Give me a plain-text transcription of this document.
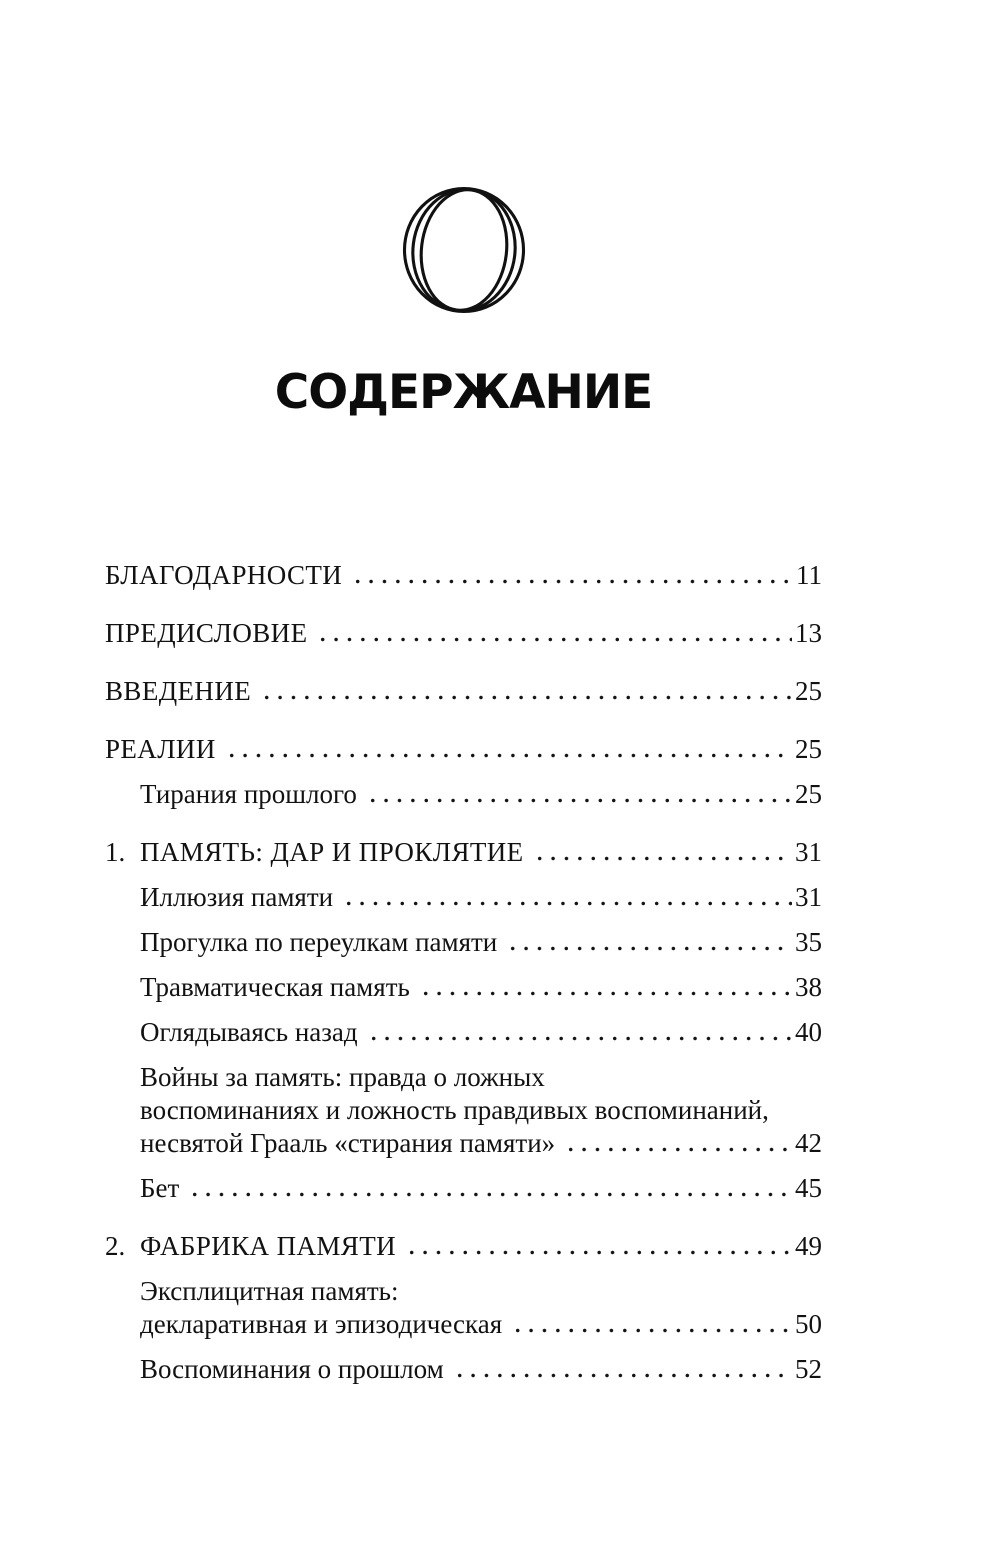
СОДЕРЖАНИЕ
БЛАГОДАРНОСТИ	11
ПРЕДИСЛОВИЕ	13
ВВЕДЕНИЕ	25
РЕАЛИИ	25
Тирания прошлого	25
1. ПАМЯТЬ: ДАР И ПРОКЛЯТИЕ	31
Иллюзия памяти	31
Прогулка по переулкам памяти	35
Травматическая память	38
Оглядываясь назад	40
Войны за память: правда о ложных
воспоминаниях и ложность правдивых воспоминаний,
несвятой Грааль «стирания памяти»	42
Бет	45
2. ФАБРИКА ПАМЯТИ	49
Эксплицитная память:
декларативная и эпизодическая	50
Воспоминания о прошлом	52
